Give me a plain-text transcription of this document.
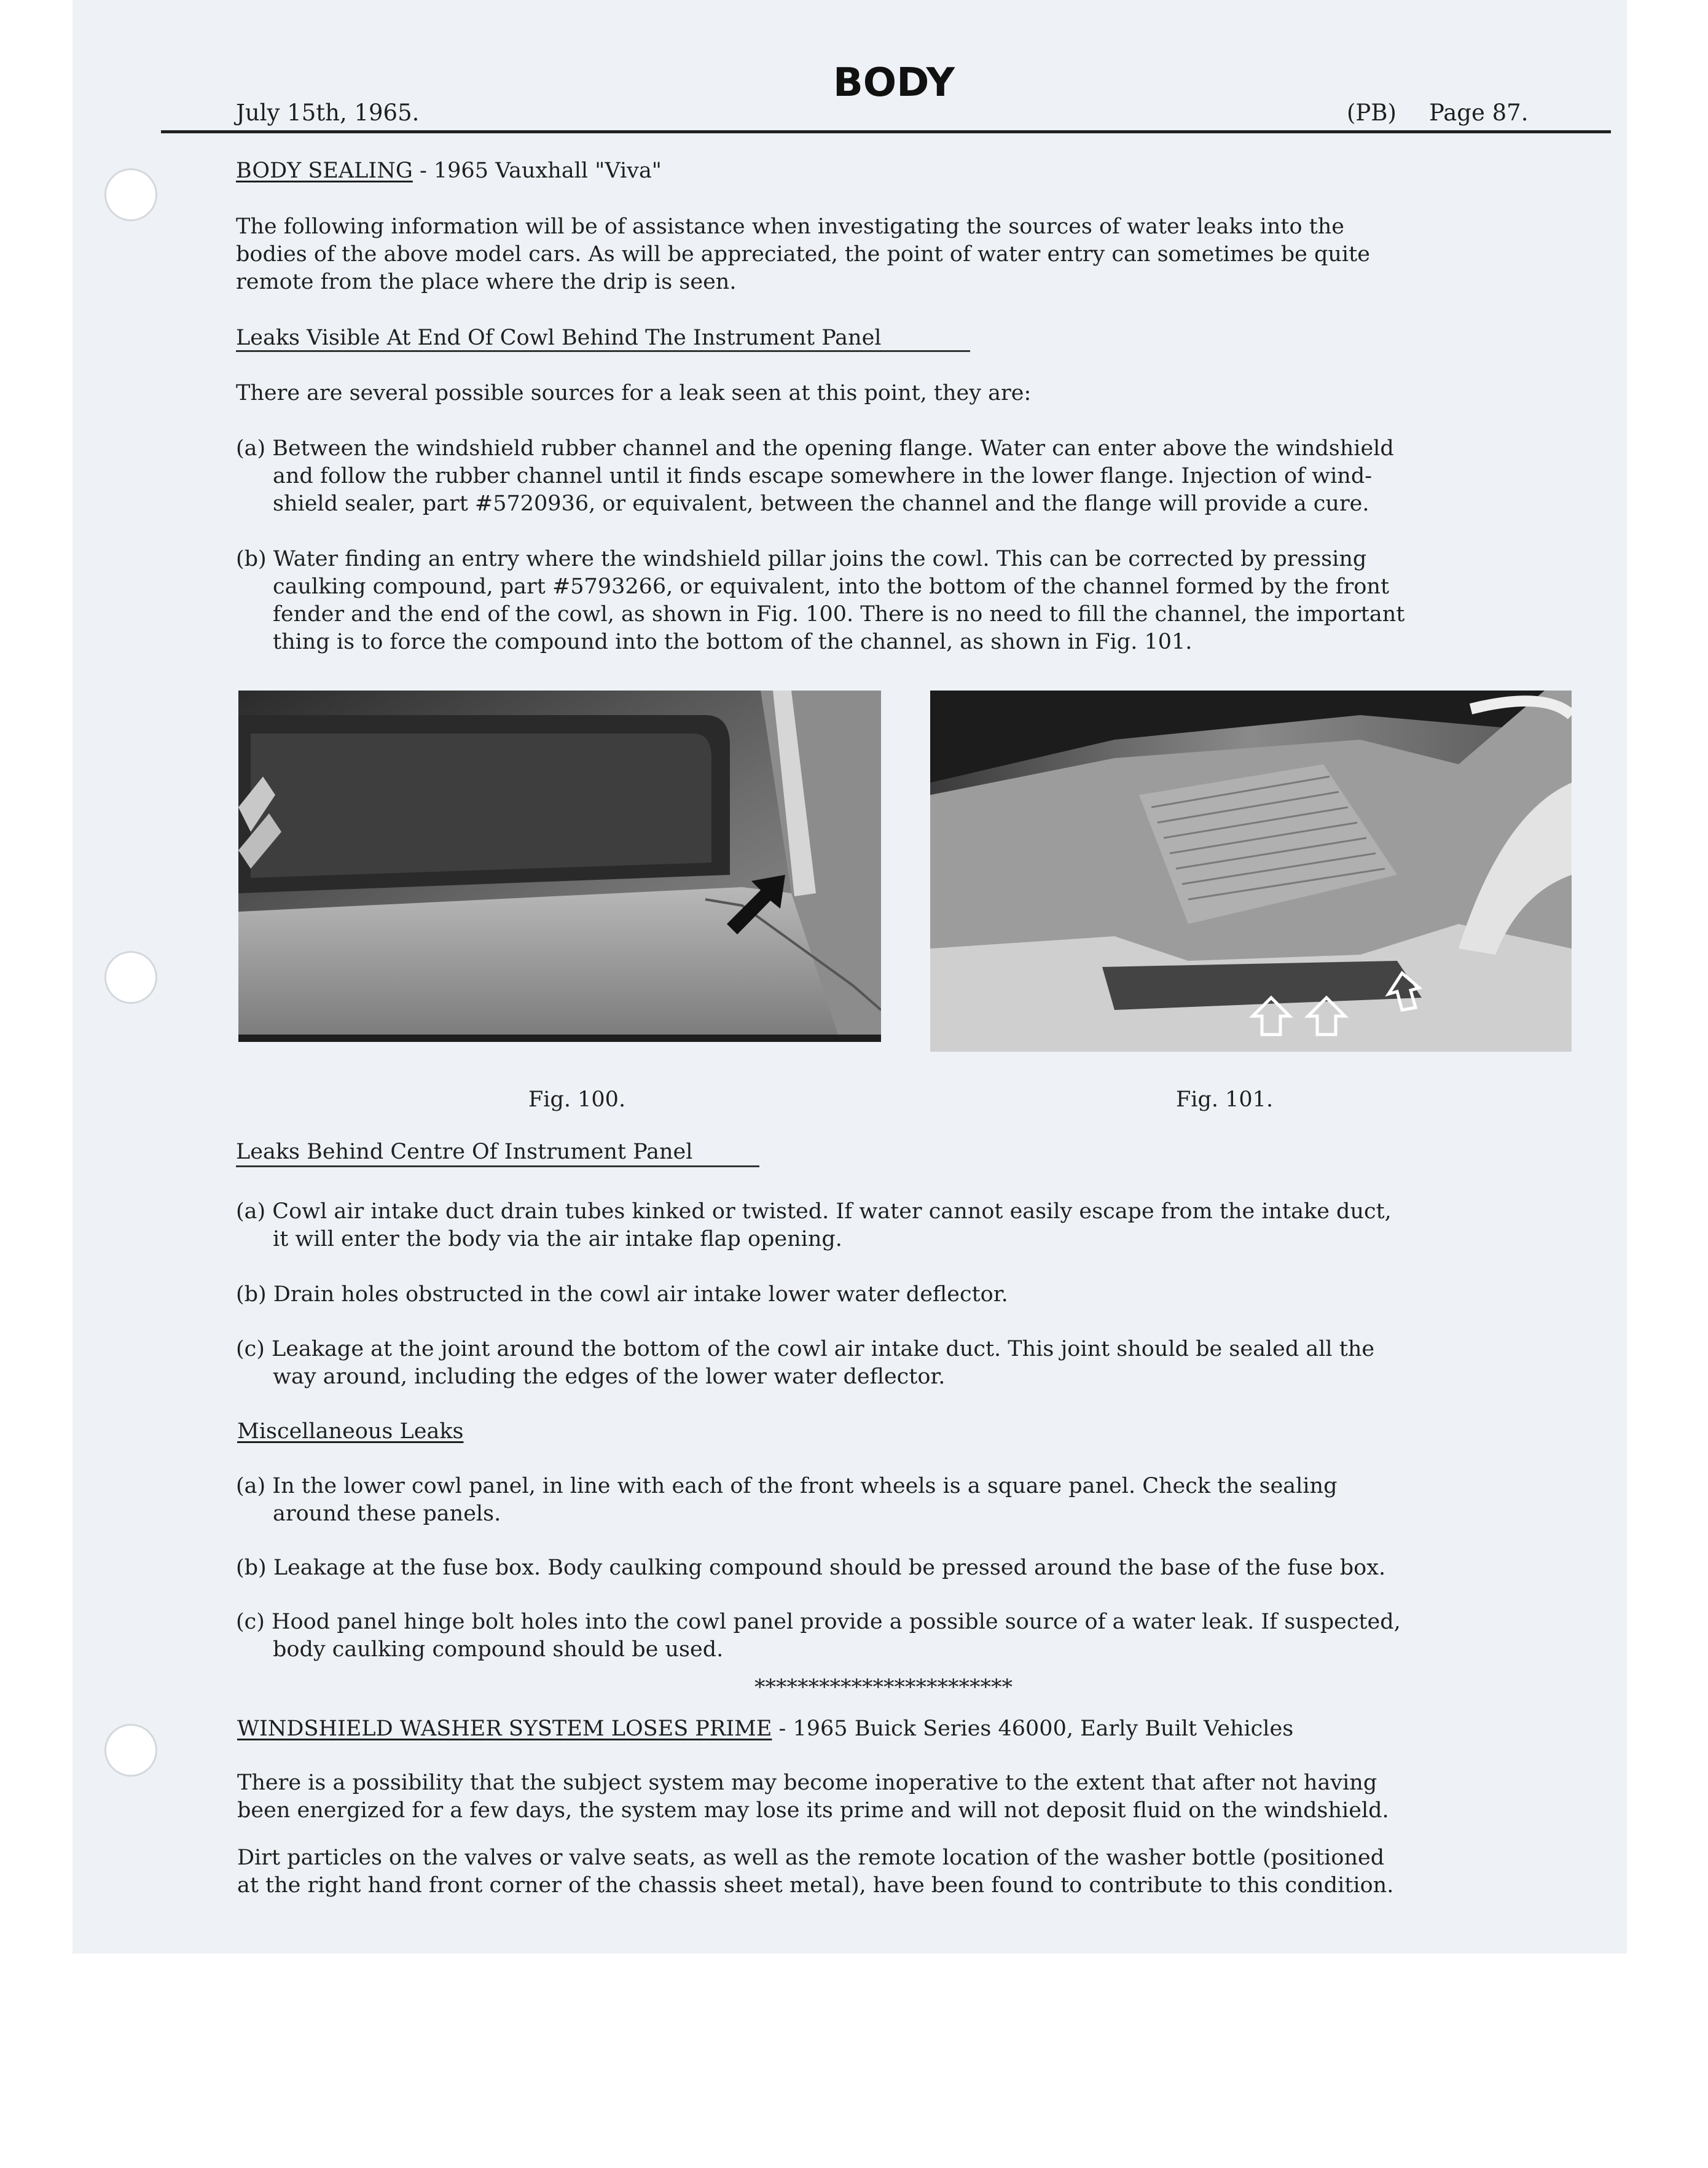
BODY
July 15th, 1965.	(PB) Page 87.
BODY SEALING - 1965 Vauxhall "Viva"
The following information will be of assistance when investigating the sources of water leaks into the
bodies of the above model cars. As will be appreciated, the point of water entry can sometimes be quite
remote from the place where the drip is seen.
Leaks Visible At End Of Cowl Behind The Instrument Panel
There are several possible sources for a leak seen at this point, they are:
(a) Between the windshield rubber channel and the opening flange. Water can enter above the windshield
and follow the rubber channel until it finds escape somewhere in the lower flange. Injection of wind-
shield sealer, part #5720936, or equivalent, between the channel and the flange will provide a cure.
(b) Water finding an entry where the windshield pillar joins the cowl. This can be corrected by pressing
caulking compound, part #5793266, or equivalent, into the bottom of the channel formed by the front
fender and the end of the cowl, as shown in Fig. 100. There is no need to fill the channel, the important
thing is to force the compound into the bottom of the channel, as shown in Fig. 101.
Fig. 100.	Fig. 101.
Leaks Behind Centre Of Instrument Panel
(a) Cowl air intake duct drain tubes kinked or twisted. If water cannot easily escape from the intake duct,
it will enter the body via the air intake flap opening.
(b) Drain holes obstructed in the cowl air intake lower water deflector.
(c) Leakage at the joint around the bottom of the cowl air intake duct. This joint should be sealed all the
way around, including the edges of the lower water deflector.
Miscellaneous Leaks
(a) In the lower cowl panel, in line with each of the front wheels is a square panel. Check the sealing
around these panels.
(b) Leakage at the fuse box. Body caulking compound should be pressed around the base of the fuse box.
(c) Hood panel hinge bolt holes into the cowl panel provide a possible source of a water leak. If suspected,
body caulking compound should be used.
************************
WINDSHIELD WASHER SYSTEM LOSES PRIME - 1965 Buick Series 46000, Early Built Vehicles
There is a possibility that the subject system may become inoperative to the extent that after not having
been energized for a few days, the system may lose its prime and will not deposit fluid on the windshield.
Dirt particles on the valves or valve seats, as well as the remote location of the washer bottle (positioned
at the right hand front corner of the chassis sheet metal), have been found to contribute to this condition.
